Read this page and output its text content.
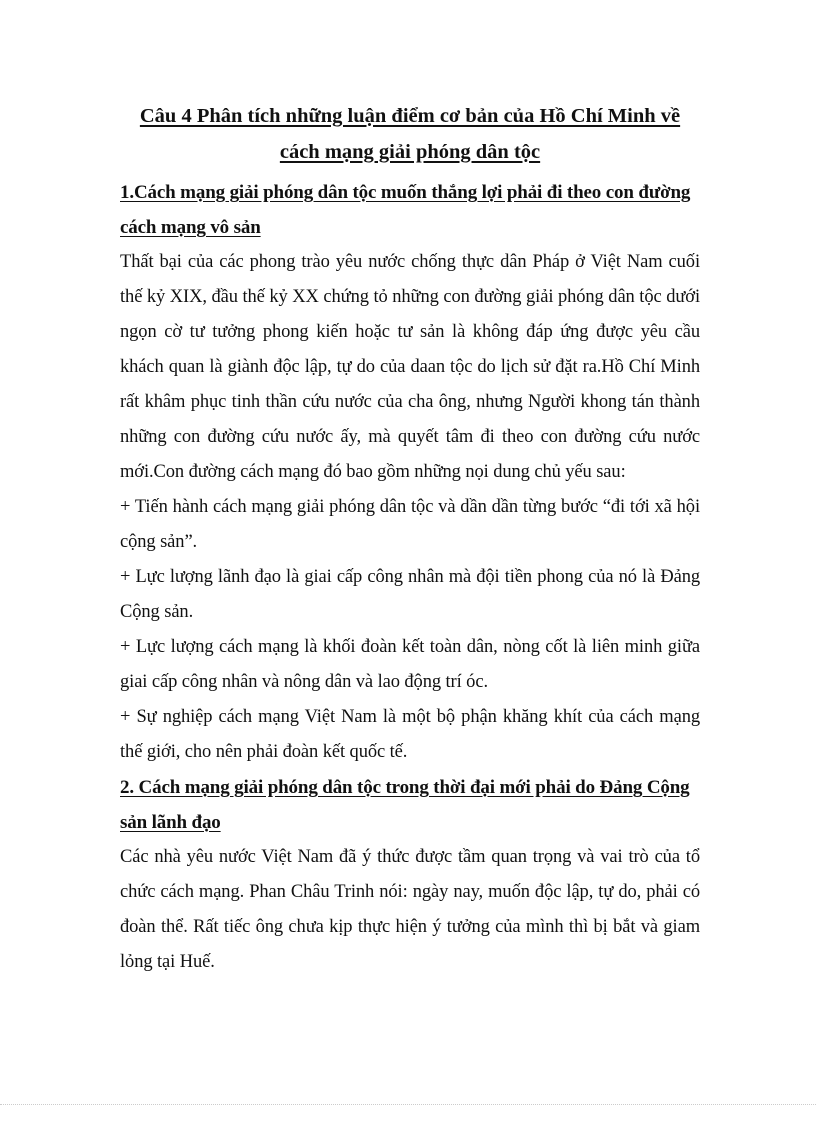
Câu 4 Phân tích những luận điểm cơ bản của Hồ Chí Minh về
cách mạng giải phóng dân tộc
1.Cách mạng giải phóng dân tộc muốn thắng lợi phải đi theo con đường cách mạng vô sản

Thất bại của các phong trào yêu nước chống thực dân Pháp ở Việt Nam cuối thế kỷ XIX, đầu thế kỷ XX chứng tỏ những con đường giải phóng dân tộc dưới ngọn cờ tư tưởng phong kiến hoặc tư sản là không đáp ứng được yêu cầu khách quan là giành độc lập, tự do của daan tộc do lịch sử đặt ra.Hồ Chí Minh rất khâm phục tinh thần cứu nước của cha ông, nhưng Người khong tán thành những con đường cứu nước ấy, mà quyết tâm đi theo con đường cứu nước mới.Con đường cách mạng đó bao gồm những nọi dung chủ yếu sau:

+ Tiến hành cách mạng giải phóng dân tộc và dần dần từng bước “đi tới xã hội cộng sản”.

+ Lực lượng lãnh đạo là giai cấp công nhân mà đội tiền phong của nó là Đảng Cộng sản.

+ Lực lượng cách mạng là khối đoàn kết toàn dân, nòng cốt là liên minh giữa giai cấp công nhân và nông dân và lao động trí óc.

+ Sự nghiệp cách mạng Việt Nam là một bộ phận khăng khít của cách mạng thế giới, cho nên phải đoàn kết quốc tế.

2. Cách mạng giải phóng dân tộc trong thời đại mới phải do Đảng Cộng sản lãnh đạo

Các nhà yêu nước Việt Nam đã ý thức được tầm quan trọng và vai trò của tổ chức cách mạng. Phan Châu Trinh nói: ngày nay, muốn độc lập, tự do, phải có đoàn thể. Rất tiếc ông chưa kịp thực hiện ý tưởng của mình thì bị bắt và giam lỏng tại Huế.
